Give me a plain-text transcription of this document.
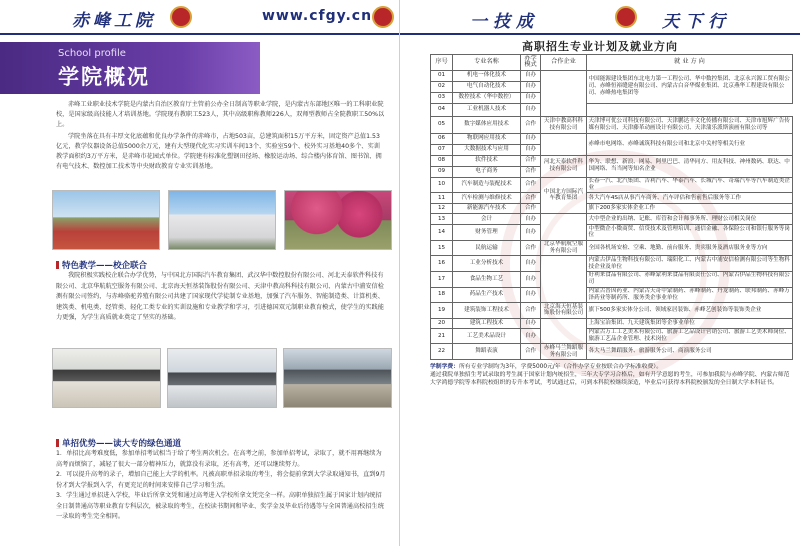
赤峰工院	www.cfgy.cn
School profile
学院概况

赤峰工业职业技术学院是内蒙古自治区教育厅主管前公办全日制高等职业学院，是内蒙古东部地区唯一的工科职业院校，是国家级高技能人才培训基地。学院现有教职工523人，其中高级职称教师226人，双师型教师占全院教职工50%以上。

学院坐落在具有丰厚文化底蕴和优良办学条件的赤峰市，占地503亩，总建筑面积15万平方米，固定资产总值1.53亿元，教学仪器设备总值5000余万元，建有大型现代化实习实训车间13个、实验室59个、校外实习基地40多个、实训教学面积约3万平方米，是赤峰市花园式单位。学院建有标准化塑钢田径场、橡胶运动场、综合楼内体育馆、图书馆、拥有电气技术、数控加工技术等中央财政教育专业实训基地。

特色教学——校企联合
我院积极实践校企联合办学优势，与中国北方国际汽车教育集团、武汉华中数控股份有限公司、河北天泰软件科技有限公司、北京华航航空服务有限公司、北京海天恒基装饰股份有限公司、天津中教高科科技有限公司、内蒙古中浦安信检测有限公司签约，与赤峰骆驼养殖有限公司共建了国家现代学徒制专业基地，加强了汽车服务、智能制造类、计算机类、建筑类、机电类、经管类、轻化工类专业的实训设施和专业教学和学习，引进德国双元制职业教育模式，使学生的实践能力更强，为学生高质就业奠定了坚实的基础。
单招优势——读大专的绿色通道
1．单招比高考难度低，参加单招考试相当于给了考生两次机会。在高考之前，参加单招考试，录取了，就不用再继续为高考而烦恼了，减轻了很大一部分精神压力，就算没有录取，还有高考，还可以继续努力。
2．可以提升高考的录子，增加自己能上大学的机率。凡被高职单招录取的考生，将会提前拿到大学录取通知书，直到9月份才到大学报到入学，有更充足的时间来安排自己学习和生活。
3．学生通过单招进入学校，毕业后所拿文凭和通过高考进入学校所拿文凭完全一样。高职单独招生属于国家计划内统招全日制普通高等职业教育专科层次，被录取的考生，在校读书期间和毕业、奖学金及毕业后待遇等与全国普通高校招生统一录取的考生完全相同。
一技成	天下行
高职招生专业计划及就业方向
序号	专业名称	办学模式	合作企业	就 业 方 向
01	机电一体化技术	自办		中国能源建设集团东北电力第一工程公司、华中数控集团、北京永兴源工贸有限公司、赤峰恒裕缝建有限公司、内蒙古白音华煤业集团、北京燕华工程建设有限公司、赤峰热电集团等
02	电气自动化技术	自办		
03	数控技术（华中数控）	自办		
04	工业机器人技术	自办		
05	数字媒体应用技术	合作	天津中教高科科技有限公司	天津博可优公司科技有限公司、天津鹏达丰文化传播有限公司、天津市旭辉广告传媒有限公司、天津藤革动画设计有限公司、天津蒲乐派斯演画有限公司等
06	物联网应用技术	自办		赤峰市电网络、赤峰诚筑科技有限公司和北京中关村等相关行业
07	大数据技术与应用	自办		
08	软件技术	合作	河北天泰软件科技有限公司	华为、联想、新浪、网易、阿里巴巴、清华同方、用友科技、神州数码、联达、中国网络、当当网等知名企业
09	电子商务	合作		
10	汽车制造与装配技术	合作	中国北方国际汽车教育集团	长春一汽、北汽集团、吉利汽车、华泰汽车、长城汽车、奇瑞汽车等汽车制造类企业
11	汽车检测与维修技术	合作		各大汽车4S店从事汽车商务、汽车评估和售前售后服务等工作
12	新能源汽车技术	合作		旗下200多家实体企业工作
13	会计	自办		大中型企业的出纳、记账、库管和会计师事务所、理财公司相关岗位
14	财务管理	自办		中型微企小微商贸、信贷技术及管理培训、通信金融、各保险公司和银行服务等岗位
15	民航运输	合作	北京华航航空服务有限公司	全国各机场安检、空乘、地勤、前台服务、贵宾服务及酒店服务业等方向
16	工业分析技术	自办		内蒙古伊品生物科技有限公司、瑞阳化工、内蒙古中浦安信检测有限公司等生物科技企业及单位
17	食品生物工艺	自办		好利来食品有限公司、赤峰蒙利来食品有限责任公司、内蒙古伊品生物科技有限公司
18	药品生产技术	自办		内蒙古普因药业、内蒙古天奇中蒙制药、赤峰制药、丹龙制药、联邦制药、赤峰万泽药业等制药所、服务类企事业单位
19	建筑装饰工程技术	合作	北京海天恒基装饰股份有限公司	旗下500多家实体分公司、领域家居装饰、赤峰艺创装饰等装饰类企业
20	建筑工程技术	自办		上海宝冶集团、九天建筑集团等企事业单位
21	工艺美术品设计	自办		内蒙古万工工艺美术有限公司、旅游工艺品设计营销公司、旅游工艺美术师岗位、旅游工艺品企业管理、技术岗位
22	舞蹈表演	合作	赤峰马兰舞蹈服务有限公司	各大马兰舞蹈服务、旅游服务公司、商演服务公司
学制学费：所有专业学制均为3年，学费5000元/年（合作办学专业按联合办学标准收费）。
通过我院单独招生考试录取的考生属于国家计划内统招生，三年大专学习合格后，如有升学意愿的考生，可参加我院与赤峰学院、内蒙古师范大学鸿德学院等本科院校组织的专升本考试，考试通过后，可到本科院校继续深造，毕业后可获得本科院校颁发的全日制大学本科证书。
